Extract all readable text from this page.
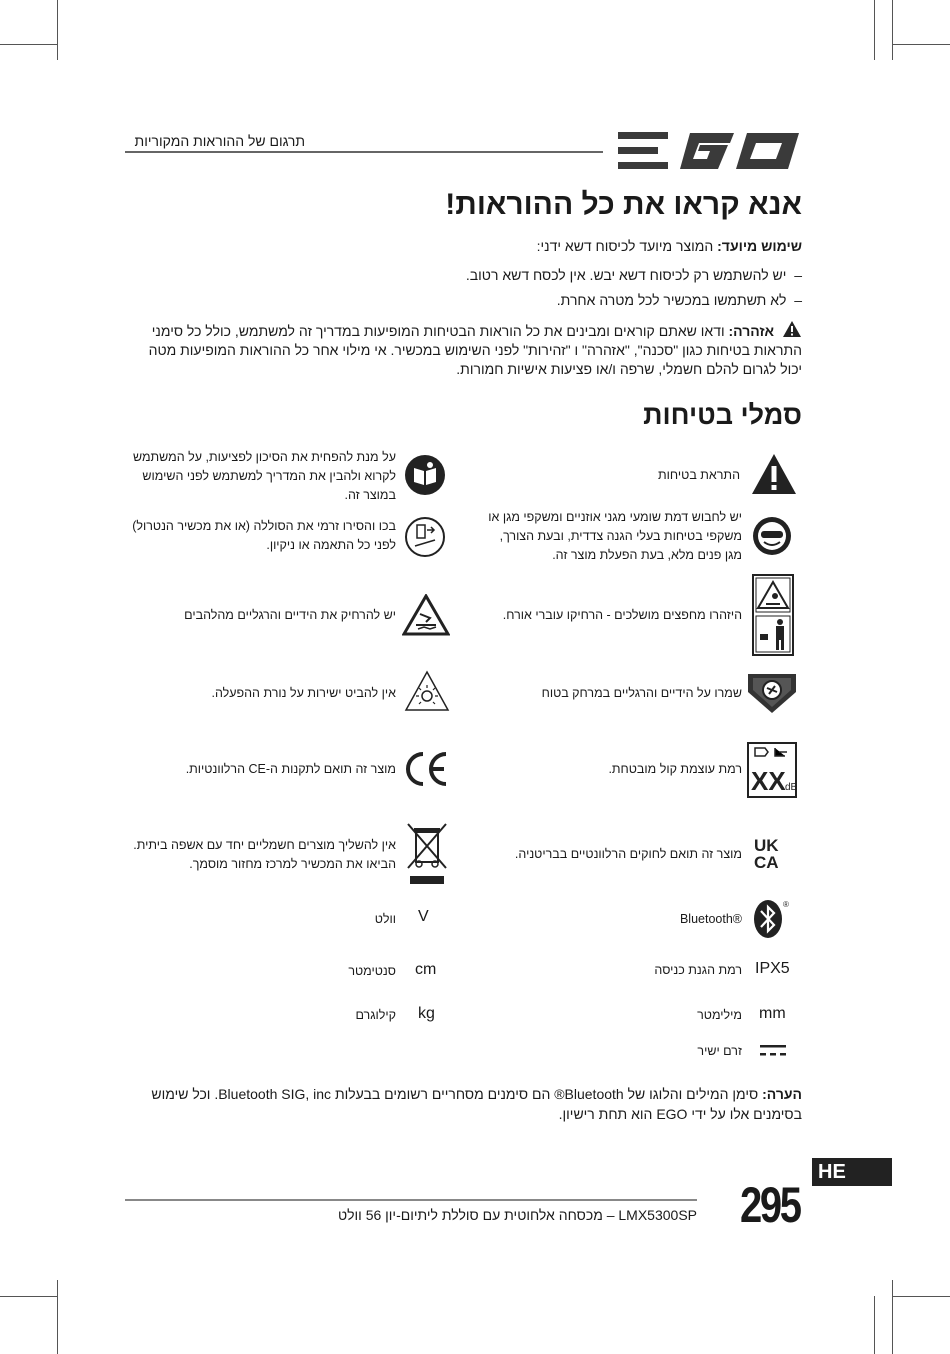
תרגום של ההוראות המקוריות
אנא קראו את כל ההוראות!
שימוש מיועד: המוצר מיועד לכיסוח דשא ידני:
–  יש להשתמש רק לכיסוח דשא יבש. אין לכסח דשא רטוב.
–  לא תשתמשו במכשיר לכל מטרה אחרת.
אזהרה: ודאו שאתם קוראים ומבינים את כל הוראות הבטיחות המופיעות במדריך זה למשתמש, כולל כל סימני התראות בטיחות כגון "סכנה", "אזהרה" ו "זהירות" לפני השימוש במכשיר. אי מילוי אחר כל ההוראות המופיעות מטה יכול לגרום להלם חשמלי, שרפה ו/או פציעות אישיות חמורות.
סמלי בטיחות
התראת בטיחות
על מנת להפחית את הסיכון לפציעות, על המשתמש לקרוא ולהבין את המדריך למשתמש לפני השימוש במוצר זה.
יש לחבוש דמת שומעי מגני אוזניים ומשקפי מגן או משקפי בטיחות בעלי הגנה צדדית, ובעת הצורך, מגן פנים מלא, בעת הפעלת מוצר זה.
בכו והסירו זרמי את הסוללה (או את מכשיר הנטרול) לפני כל התאמה או ניקיון.
היזהרו מחפצים מושלכים - הרחיקו עוברי אורח.
יש להרחיק את הידיים והרגליים מהלהבים
שמרו על הידיים והרגליים במרחק בטוח
אין להביט ישירות על נורת ההפעלה.
XX dB
רמת עוצמת קול מובטחת.
מוצר זה תואם לתקנות ה-CE הרלוונטיות.
UK
CA
מוצר זה תואם לחוקים הרלוונטיים בבריטניה.
אין להשליך מוצרים חשמליים יחד עם אשפה ביתית. הביאו את המכשיר למרכז מחזור מוסמך.
®
Bluetooth®
V
וולט
IPX5
רמת הגנת כניסה
cm
סנטימטר
mm
מילימטר
kg
קילוגרם
זרם ישיר
הערה: סימן המילים והלוגו של Bluetooth® הם סימנים מסחריים רשומים בבעלות Bluetooth SIG, inc. וכל שימוש בסימנים אלו על ידי EGO הוא תחת רישיון.
HE
295
LMX5300SP – מכסחה אלחוטית עם סוללת ליתיום-יון 56 וולט
